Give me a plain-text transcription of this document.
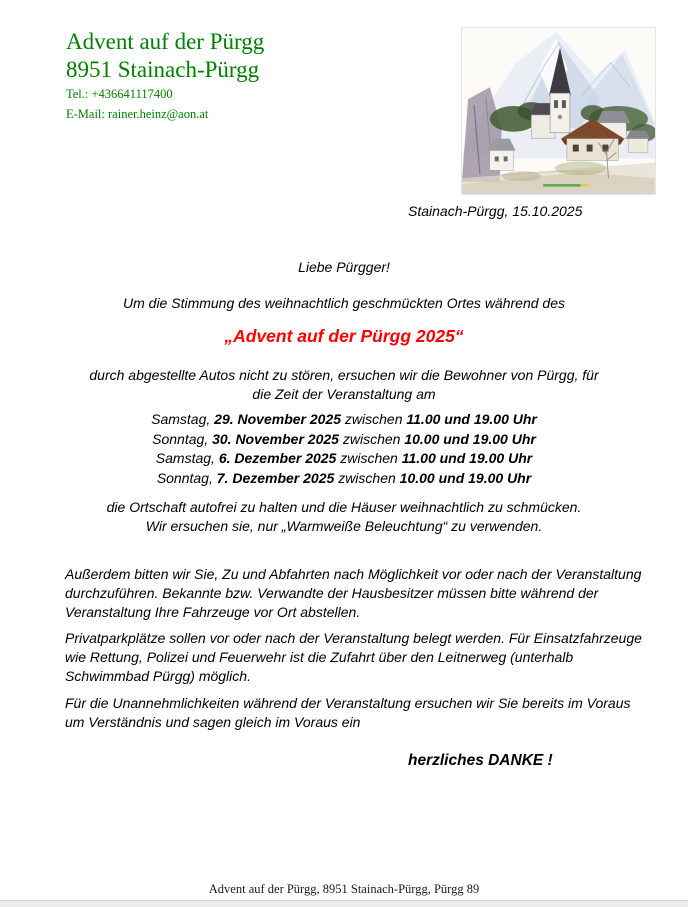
Advent auf der Pürgg
8951 Stainach-Pürgg
Tel.: +436641117400
E-Mail: rainer.heinz@aon.at
Stainach-Pürgg, 15.10.2025
Liebe Pürgger!
Um die Stimmung des weihnachtlich geschmückten Ortes während des
„Advent auf der Pürgg 2025“
durch abgestellte Autos nicht zu stören, ersuchen wir die Bewohner von Pürgg, für
die Zeit der Veranstaltung am
Samstag, 29. November 2025 zwischen 11.00 und 19.00 Uhr
Sonntag, 30. November 2025 zwischen 10.00 und 19.00 Uhr
Samstag, 6. Dezember 2025 zwischen 11.00 und 19.00 Uhr
Sonntag, 7. Dezember 2025 zwischen 10.00 und 19.00 Uhr
die Ortschaft autofrei zu halten und die Häuser weihnachtlich zu schmücken.
Wir ersuchen sie, nur „Warmweiße Beleuchtung“ zu verwenden.
Außerdem bitten wir Sie, Zu und Abfahrten nach Möglichkeit vor oder nach der Veranstaltung durchzuführen. Bekannte bzw. Verwandte der Hausbesitzer müssen bitte während der Veranstaltung Ihre Fahrzeuge vor Ort abstellen.
Privatparkplätze sollen vor oder nach der Veranstaltung belegt werden. Für Einsatzfahrzeuge wie Rettung, Polizei und Feuerwehr ist die Zufahrt über den Leitnerweg (unterhalb Schwimmbad Pürgg) möglich.
Für die Unannehmlichkeiten während der Veranstaltung ersuchen wir Sie bereits im Voraus um Verständnis und sagen gleich im Voraus ein
herzliches DANKE !
Advent auf der Pürgg, 8951 Stainach-Pürgg, Pürgg 89
